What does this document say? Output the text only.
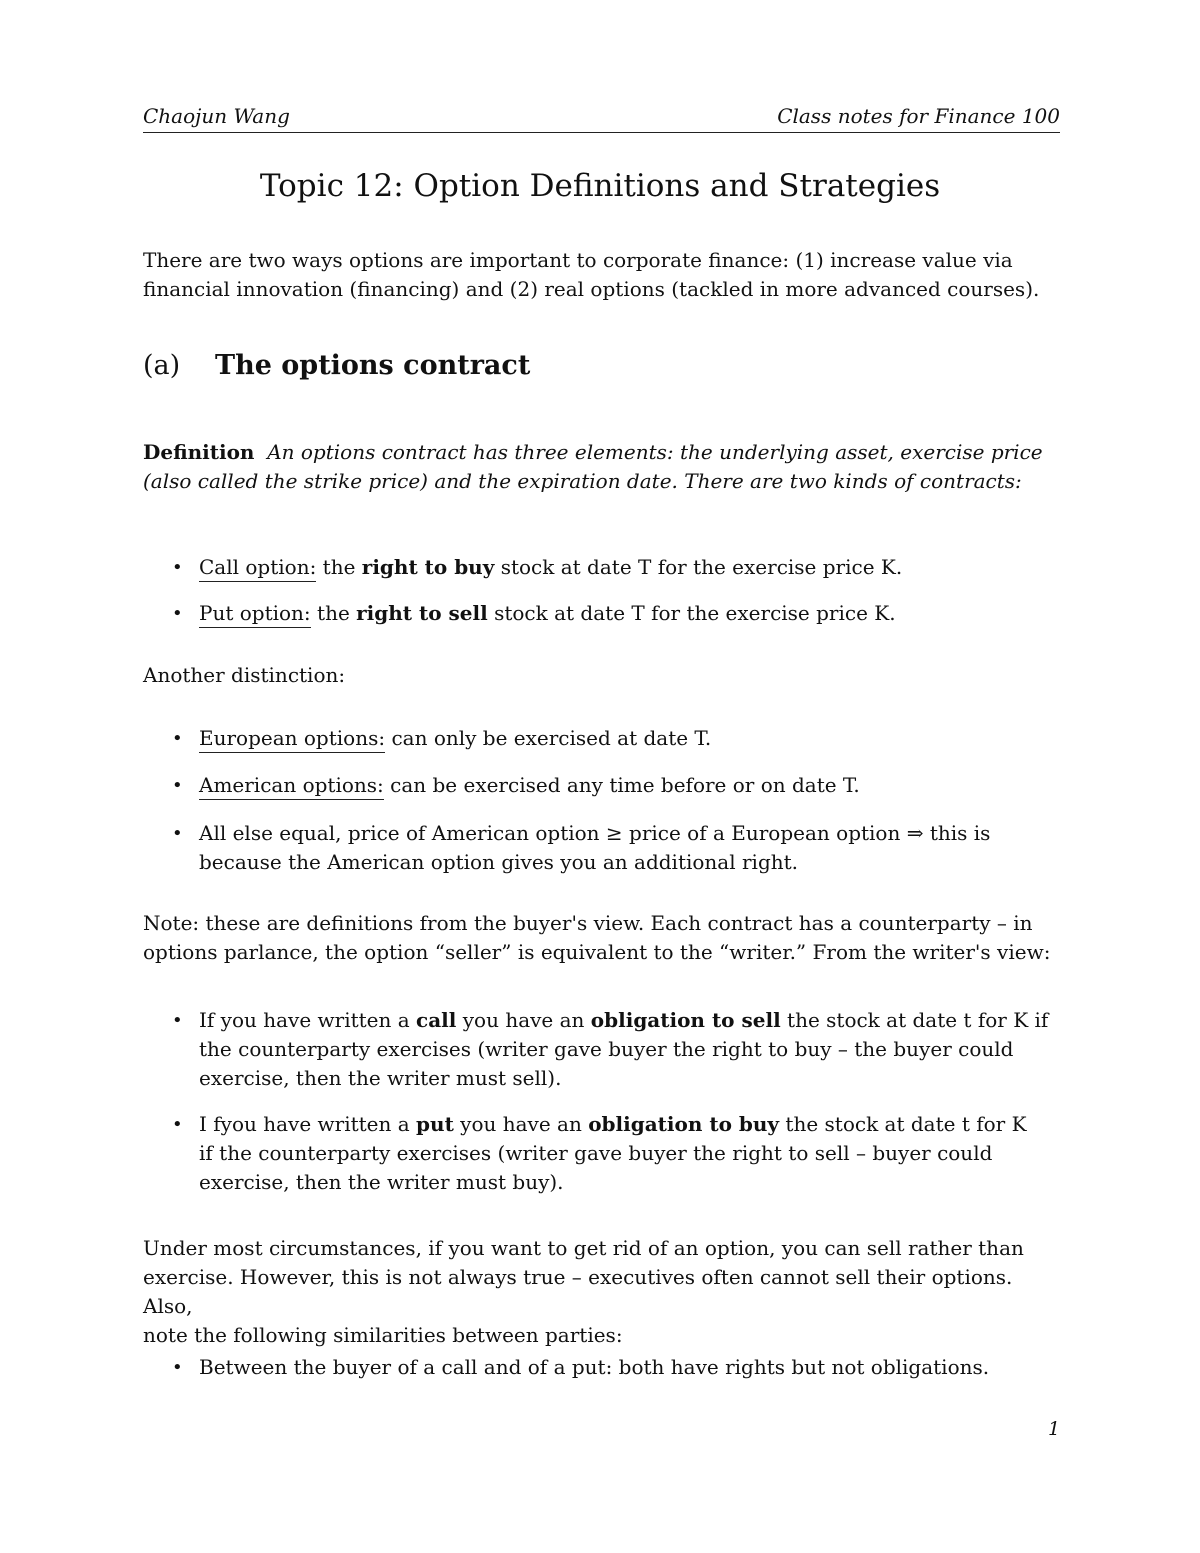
Chaojun Wang	Class notes for Finance 100
Topic 12: Option Definitions and Strategies
There are two ways options are important to corporate finance: (1) increase value via
financial innovation (financing) and (2) real options (tackled in more advanced courses).
(a) The options contract
Definition An options contract has three elements: the underlying asset, exercise price
(also called the strike price) and the expiration date. There are two kinds of contracts:
• Call option: the right to buy stock at date T for the exercise price K.
• Put option: the right to sell stock at date T for the exercise price K.
Another distinction:
• European options: can only be exercised at date T.
• American options: can be exercised any time before or on date T.
• All else equal, price of American option ≥ price of a European option ⇒ this is
because the American option gives you an additional right.
Note: these are definitions from the buyer's view. Each contract has a counterparty – in
options parlance, the option “seller” is equivalent to the “writer.” From the writer's view:
• If you have written a call you have an obligation to sell the stock at date t for K if
the counterparty exercises (writer gave buyer the right to buy – the buyer could
exercise, then the writer must sell).
• I fyou have written a put you have an obligation to buy the stock at date t for K
if the counterparty exercises (writer gave buyer the right to sell – buyer could
exercise, then the writer must buy).
Under most circumstances, if you want to get rid of an option, you can sell rather than
exercise. However, this is not always true – executives often cannot sell their options. Also,
note the following similarities between parties:
• Between the buyer of a call and of a put: both have rights but not obligations.
1
